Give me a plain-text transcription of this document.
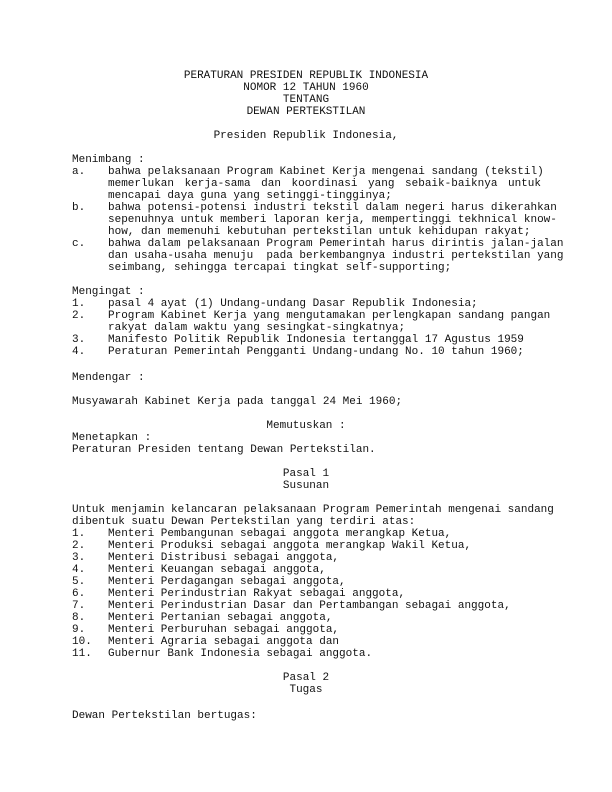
PERATURAN PRESIDEN REPUBLIK INDONESIA
NOMOR 12 TAHUN 1960
TENTANG
DEWAN PERTEKSTILAN
Presiden Republik Indonesia,
Menimbang :
a. bahwa pelaksanaan Program Kabinet Kerja mengenai sandang (tekstil)
memerlukan kerja-sama dan koordinasi yang sebaik-baiknya untuk
mencapai daya guna yang setinggi-tingginya;
b. bahwa potensi-potensi industri tekstil dalam negeri harus dikerahkan
sepenuhnya untuk memberi laporan kerja, mempertinggi tekhnical know-
how, dan memenuhi kebutuhan pertekstilan untuk kehidupan rakyat;
c. bahwa dalam pelaksanaan Program Pemerintah harus dirintis jalan-jalan
dan usaha-usaha menuju  pada berkembangnya industri pertekstilan yang
seimbang, sehingga tercapai tingkat self-supporting;
Mengingat :
1. pasal 4 ayat (1) Undang-undang Dasar Republik Indonesia;
2. Program Kabinet Kerja yang mengutamakan perlengkapan sandang pangan
rakyat dalam waktu yang sesingkat-singkatnya;
3. Manifesto Politik Republik Indonesia tertanggal 17 Agustus 1959
4. Peraturan Pemerintah Pengganti Undang-undang No. 10 tahun 1960;
Mendengar :
Musyawarah Kabinet Kerja pada tanggal 24 Mei 1960;
Memutuskan :
Menetapkan :
Peraturan Presiden tentang Dewan Pertekstilan.
Pasal 1
Susunan
Untuk menjamin kelancaran pelaksanaan Program Pemerintah mengenai sandang
dibentuk suatu Dewan Pertekstilan yang terdiri atas:
1. Menteri Pembangunan sebagai anggota merangkap Ketua,
2. Menteri Produksi sebagai anggota merangkap Wakil Ketua,
3. Menteri Distribusi sebagai anggota,
4. Menteri Keuangan sebagai anggota,
5. Menteri Perdagangan sebagai anggota,
6. Menteri Perindustrian Rakyat sebagai anggota,
7. Menteri Perindustrian Dasar dan Pertambangan sebagai anggota,
8. Menteri Pertanian sebagai anggota,
9. Menteri Perburuhan sebagai anggota,
10. Menteri Agraria sebagai anggota dan
11. Gubernur Bank Indonesia sebagai anggota.
Pasal 2
Tugas
Dewan Pertekstilan bertugas:
